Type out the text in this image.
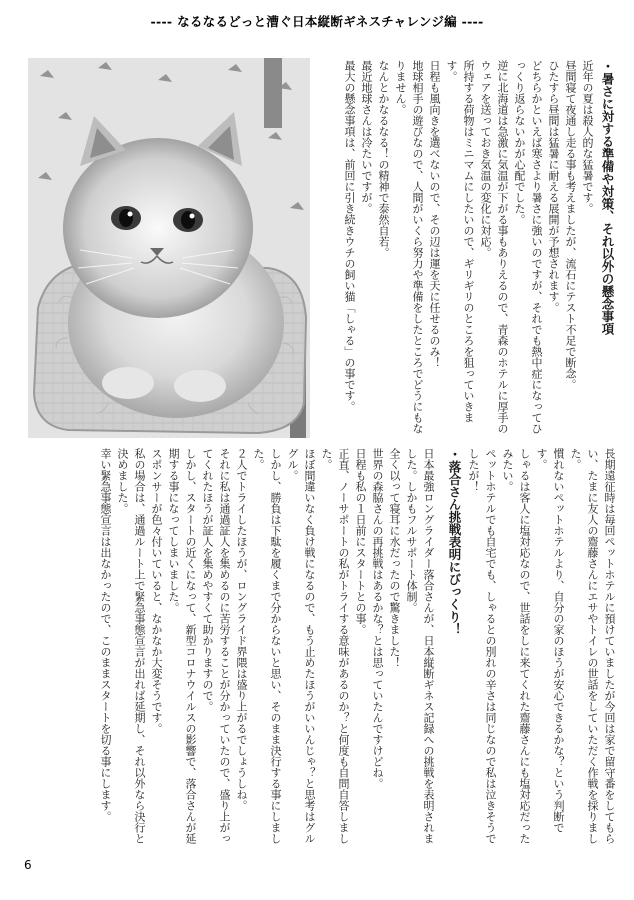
---- なるなるどっと漕ぐ日本縦断ギネスチャレンジ編 ----

・暑さに対する準備や対策、それ以外の懸念事項

近年の夏は殺人的な猛暑です。

昼間寝て夜通し走る事も考えましたが、流石にテスト不足で断念。

ひたすら昼間は猛暑に耐える展開が予想されます。

どちらかといえば寒さより暑さに強いのですが、それでも熱中症になってひっくり返らないかが心配でした。

逆に北海道は急激に気温が下がる事もありえるので、青森のホテルに厚手のウェアを送っておき気温の変化に対応。

所持する荷物はミニマムにしたいので、ギリギリのところを狙っていきます。

日程も風向きを選べないので、その辺は運を天に任せるのみ！

地球相手の遊びなので、人間がいくら努力や準備をしたところでどうにもなりません。

なんとかなるなる！の精神で泰然自若。

最近地球さんは冷たいですが。

最大の懸念事項は、前回に引き続きウチの飼い猫「しゃる」の事です。

長期遠征時は毎回ペットホテルに預けていましたが今回は家で留守番をしてもらい、たまに友人の齋藤さんにエサやトイレの世話をしていただく作戦を採りました。

慣れないペットホテルより、自分の家のほうが安心できるかな？という判断です。

しゃるは客人に塩対応なので、世話をしに来てくれた齋藤さんにも塩対応だったみたい。

ペットホテルでも自宅でも、しゃるとの別れの辛さは同じなので私は泣きそうでしたが！

・落合さん挑戦表明にびっくり！

日本最強ロングライダー落合さんが、日本縦断ギネス記録への挑戦を表明されました。しかもフルサポート体制。

全く以って寝耳に水だったので驚きました！

世界の森脇さんの再挑戦はあるかな？とは思っていたんですけどね。

日程も私の１日前にスタートとの事。

正直、ノーサポートの私がトライする意味があるのか？と何度も自問自答しました。

ほぼ間違いなく負け戦になるので、もう止めたほうがいいんじゃ？と思考はグルグル。

しかし、勝負は下駄を履くまで分からないと思い、そのまま決行する事にしました。

２人でトライしたほうが、ロングライド界隈は盛り上がるでしょうしね。

それに私は通過証人を集めるのに苦労することが分かっていたので、盛り上がってくれたほうが証人を集めやすくて助かりますので。

しかし、スタートの近くになって、新型コロナウイルスの影響で、落合さんが延期する事になってしまいました。

スポンサーが色々付いていると、なかなか大変そうです。

私の場合は、通過ルート上で緊急事態宣言が出れば延期し、それ以外なら決行と決めました。

幸い緊急事態宣言は出なかったので、このままスタートを切る事にします。

6
